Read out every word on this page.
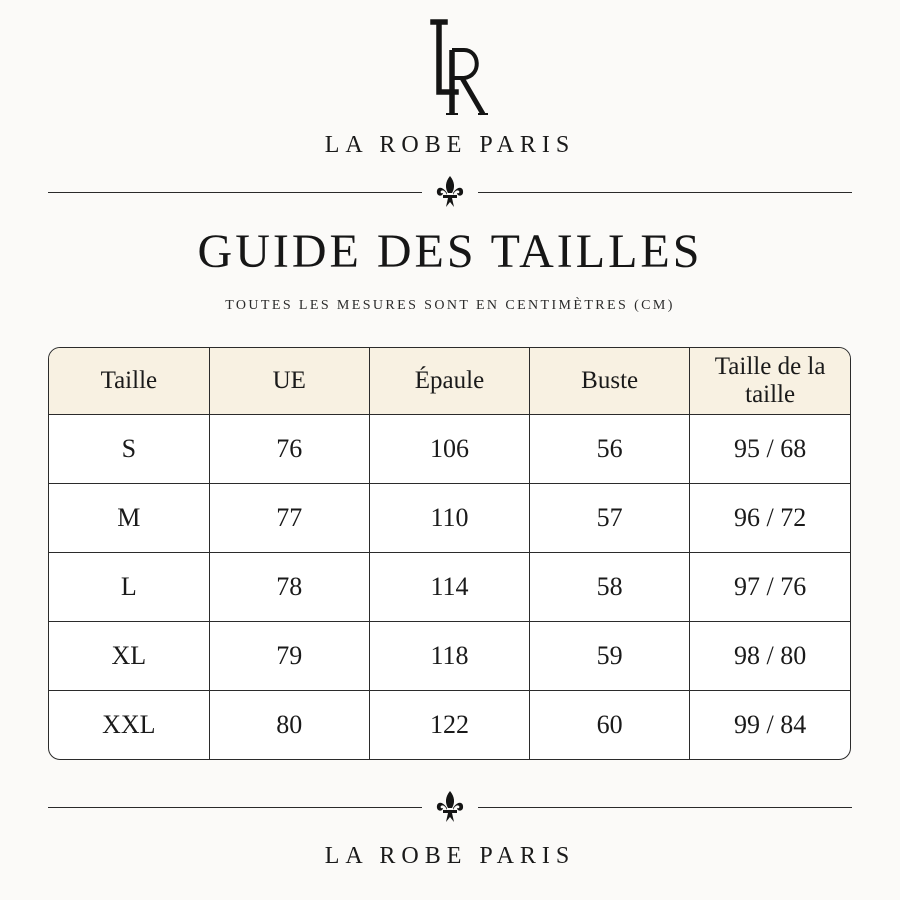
LA ROBE PARIS
GUIDE DES TAILLES
TOUTES LES MESURES SONT EN CENTIMÈTRES (CM)
Taille	UE	Épaule	Buste	Taille de la taille
S	76	106	56	95 / 68
M	77	110	57	96 / 72
L	78	114	58	97 / 76
XL	79	118	59	98 / 80
XXL	80	122	60	99 / 84
LA ROBE PARIS
